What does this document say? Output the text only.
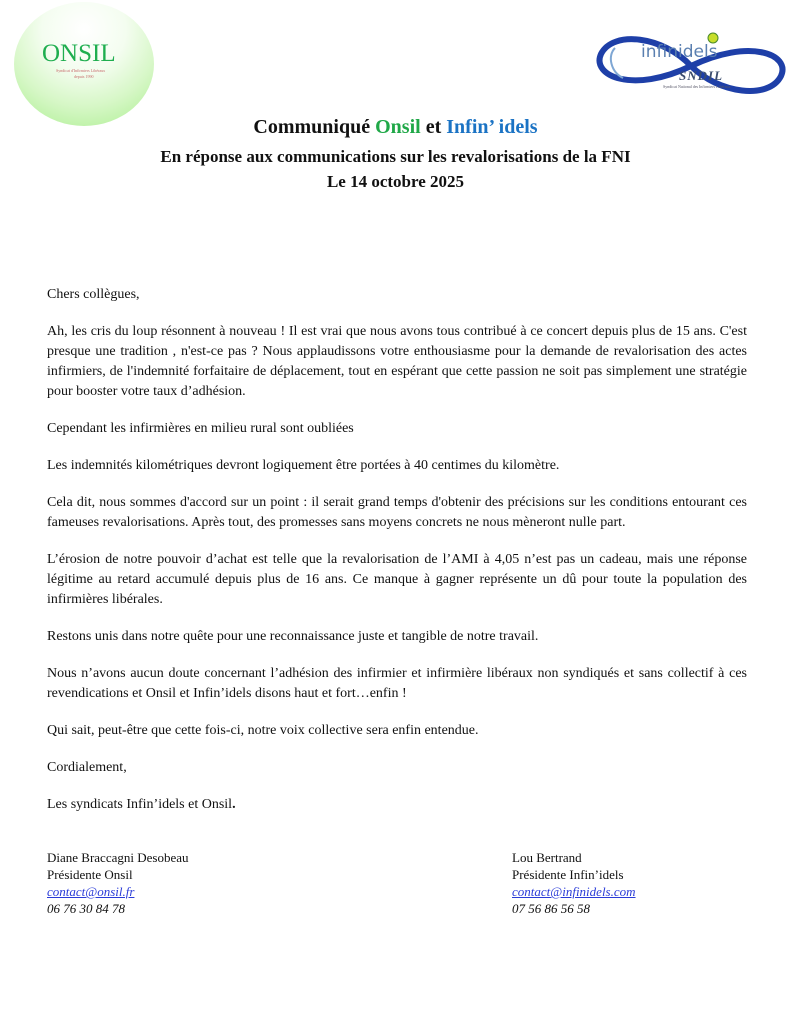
ONSIL
Syndicat d'Infirmiers Libéraux
depuis 1990
infinidels
SNDIL
Syndicat National des Infirmiers Libéraux
Communiqué Onsil et Infin’ idels
En réponse aux communications sur les revalorisations de la FNI
Le 14 octobre 2025

Chers collègues,

Ah, les cris du loup résonnent à nouveau ! Il est vrai que nous avons tous contribué à ce concert depuis plus de 15 ans. C'est presque une tradition , n'est-ce pas ? Nous applaudissons votre enthousiasme pour la demande de revalorisation des actes infirmiers, de l'indemnité forfaitaire de déplacement, tout en espérant que cette passion ne soit pas simplement une stratégie pour booster votre taux d’adhésion.

Cependant les infirmières en milieu rural sont oubliées

Les indemnités kilométriques devront logiquement être portées à 40 centimes du kilomètre.

Cela dit, nous sommes d'accord sur un point : il serait grand temps d'obtenir des précisions sur les conditions entourant ces fameuses revalorisations. Après tout, des promesses sans moyens concrets ne nous mèneront nulle part.

L’érosion de notre pouvoir d’achat est telle que la revalorisation de l’AMI à 4,05 n’est pas un cadeau, mais une réponse légitime au retard accumulé depuis plus de 16 ans. Ce manque à gagner représente un dû pour toute la population des infirmières libérales.

Restons unis dans notre quête pour une reconnaissance juste et tangible de notre travail.

Nous n’avons aucun doute concernant l’adhésion des infirmier et infirmière libéraux non syndiqués et sans collectif à ces revendications et Onsil et Infin’idels disons haut et fort…enfin !

Qui sait, peut-être que cette fois-ci, notre voix collective sera enfin entendue.

Cordialement,

Les syndicats Infin’idels et Onsil.

Diane Braccagni Desobeau
Présidente Onsil
contact@onsil.fr
06 76 30 84 78
Lou Bertrand
Présidente Infin’idels
contact@infinidels.com
07 56 86 56 58
